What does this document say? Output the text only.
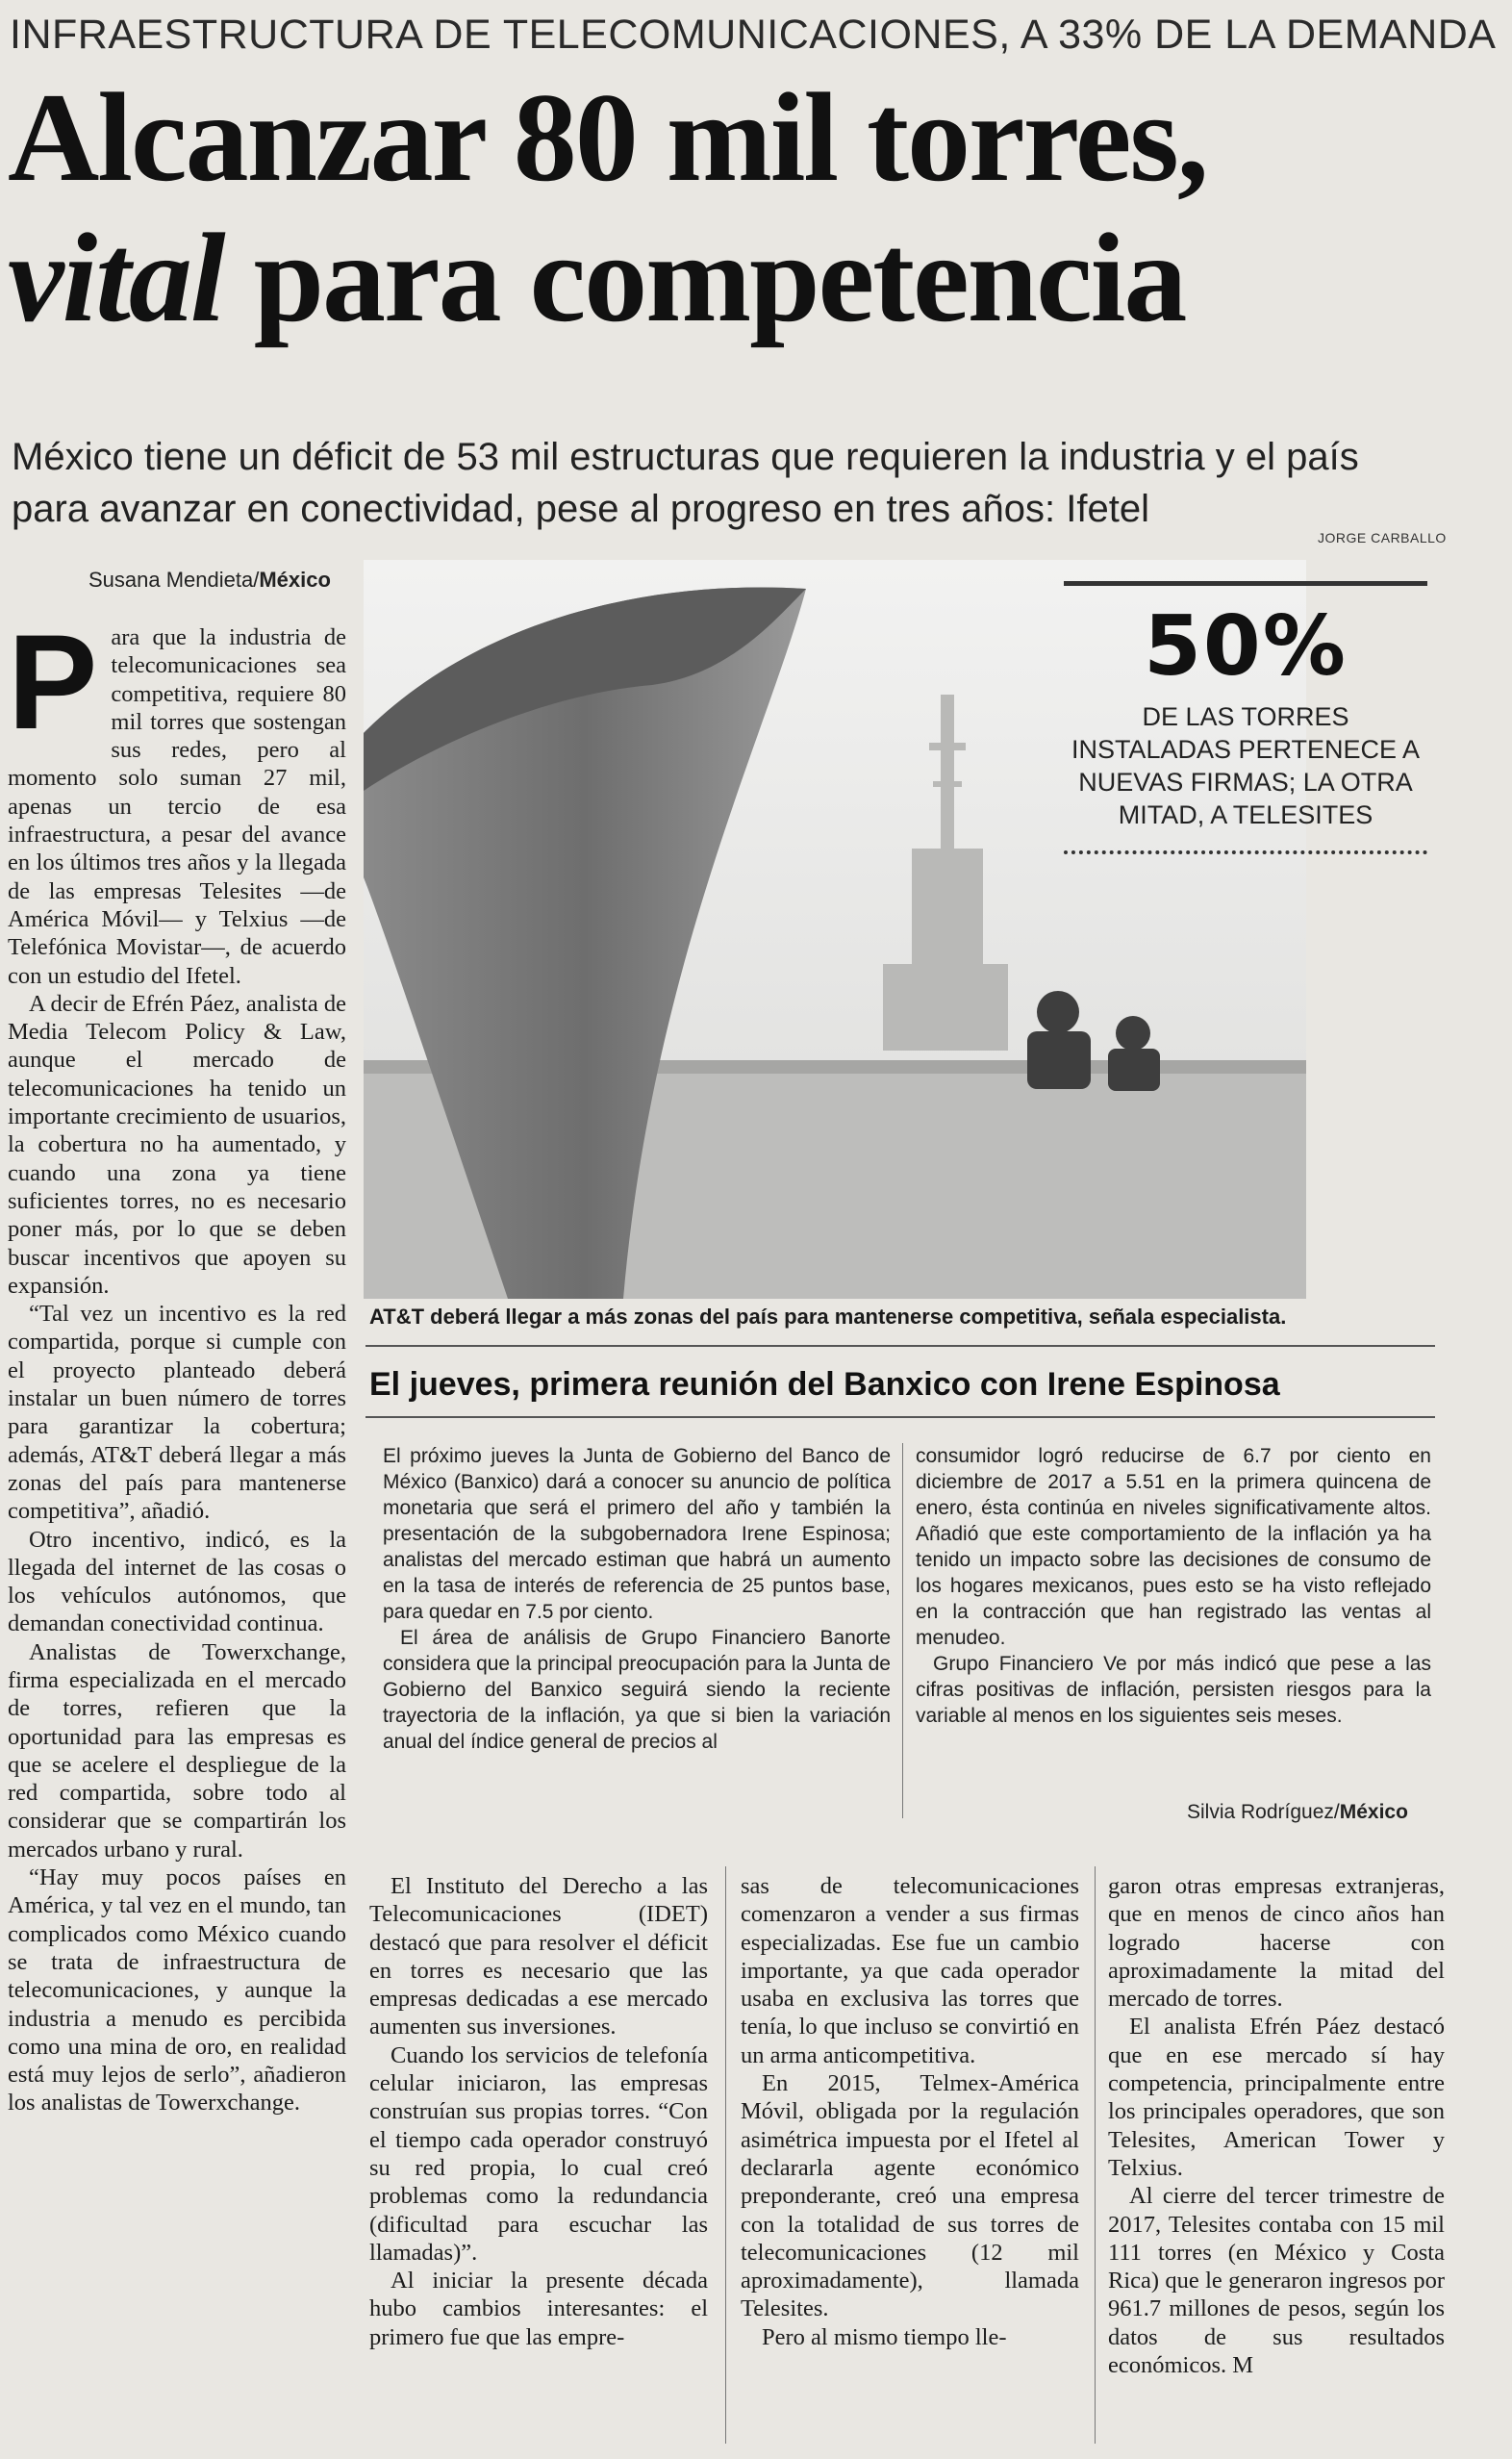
INFRAESTRUCTURA DE TELECOMUNICACIONES, A 33% DE LA DEMANDA
Alcanzar 80 mil torres,
vital para competencia
México tiene un déficit de 53 mil estructuras que requieren la industria y el país para avanzar en conectividad, pese al progreso en tres años: Ifetel
JORGE CARBALLO
Susana Mendieta/México
AT&T deberá llegar a más zonas del país para mantenerse competitiva, señala especialista.
50%
DE LAS TORRES INSTALADAS PERTENECE A NUEVAS FIRMAS; LA OTRA MITAD, A TELESITES
P ara que la industria de telecomunicaciones sea competitiva, requiere 80 mil torres que sostengan sus redes, pero al momento solo suman 27 mil, apenas un tercio de esa infraestructura, a pesar del avance en los últimos tres años y la llegada de las empresas Telesites —de América Móvil— y Telxius —de Telefónica Movistar—, de acuerdo con un estudio del Ifetel.

A decir de Efrén Páez, analista de Media Telecom Policy & Law, aunque el mercado de telecomunicaciones ha tenido un importante crecimiento de usuarios, la cobertura no ha aumentado, y cuando una zona ya tiene suficientes torres, no es necesario poner más, por lo que se deben buscar incentivos que apoyen su expansión.

“Tal vez un incentivo es la red compartida, porque si cumple con el proyecto planteado deberá instalar un buen número de torres para garantizar la cobertura; además, AT&T deberá llegar a más zonas del país para mantenerse competitiva”, añadió.

Otro incentivo, indicó, es la llegada del internet de las cosas o los vehículos autónomos, que demandan conectividad continua.

Analistas de Towerxchange, firma especializada en el mercado de torres, refieren que la oportunidad para las empresas es que se acelere el despliegue de la red compartida, sobre todo al considerar que se compartirán los mercados urbano y rural.

“Hay muy pocos países en América, y tal vez en el mundo, tan complicados como México cuando se trata de infraestructura de telecomunicaciones, y aunque la industria a menudo es percibida como una mina de oro, en realidad está muy lejos de serlo”, añadieron los analistas de Towerxchange.

El jueves, primera reunión del Banxico con Irene Espinosa

El próximo jueves la Junta de Gobierno del Banco de México (Banxico) dará a conocer su anuncio de política monetaria que será el primero del año y también la presentación de la subgobernadora Irene Espinosa; analistas del mercado estiman que habrá un aumento en la tasa de interés de referencia de 25 puntos base, para quedar en 7.5 por ciento.

El área de análisis de Grupo Financiero Banorte considera que la principal preocupación para la Junta de Gobierno del Banxico seguirá siendo la reciente trayectoria de la inflación, ya que si bien la variación anual del índice general de precios al

consumidor logró reducirse de 6.7 por ciento en diciembre de 2017 a 5.51 en la primera quincena de enero, ésta continúa en niveles significativamente altos. Añadió que este comportamiento de la inflación ya ha tenido un impacto sobre las decisiones de consumo de los hogares mexicanos, pues esto se ha visto reflejado en la contracción que han registrado las ventas al menudeo.

Grupo Financiero Ve por más indicó que pese a las cifras positivas de inflación, persisten riesgos para la variable al menos en los siguientes seis meses.

Silvia Rodríguez/México

El Instituto del Derecho a las Telecomunicaciones (IDET) destacó que para resolver el déficit en torres es necesario que las empresas dedicadas a ese mercado aumenten sus inversiones.

Cuando los servicios de telefonía celular iniciaron, las empresas construían sus propias torres. “Con el tiempo cada operador construyó su red propia, lo cual creó problemas como la redundancia (dificultad para escuchar las llamadas)”.

Al iniciar la presente década hubo cambios interesantes: el primero fue que las empre-

sas de telecomunicaciones comenzaron a vender a sus firmas especializadas. Ese fue un cambio importante, ya que cada operador usaba en exclusiva las torres que tenía, lo que incluso se convirtió en un arma anticompetitiva.

En 2015, Telmex-América Móvil, obligada por la regulación asimétrica impuesta por el Ifetel al declararla agente económico preponderante, creó una empresa con la totalidad de sus torres de telecomunicaciones (12 mil aproximadamente), llamada Telesites.

Pero al mismo tiempo lle-

garon otras empresas extranjeras, que en menos de cinco años han logrado hacerse con aproximadamente la mitad del mercado de torres.

El analista Efrén Páez destacó que en ese mercado sí hay competencia, principalmente entre los principales operadores, que son Telesites, American Tower y Telxius.

Al cierre del tercer trimestre de 2017, Telesites contaba con 15 mil 111 torres (en México y Costa Rica) que le generaron ingresos por 961.7 millones de pesos, según los datos de sus resultados económicos. M
